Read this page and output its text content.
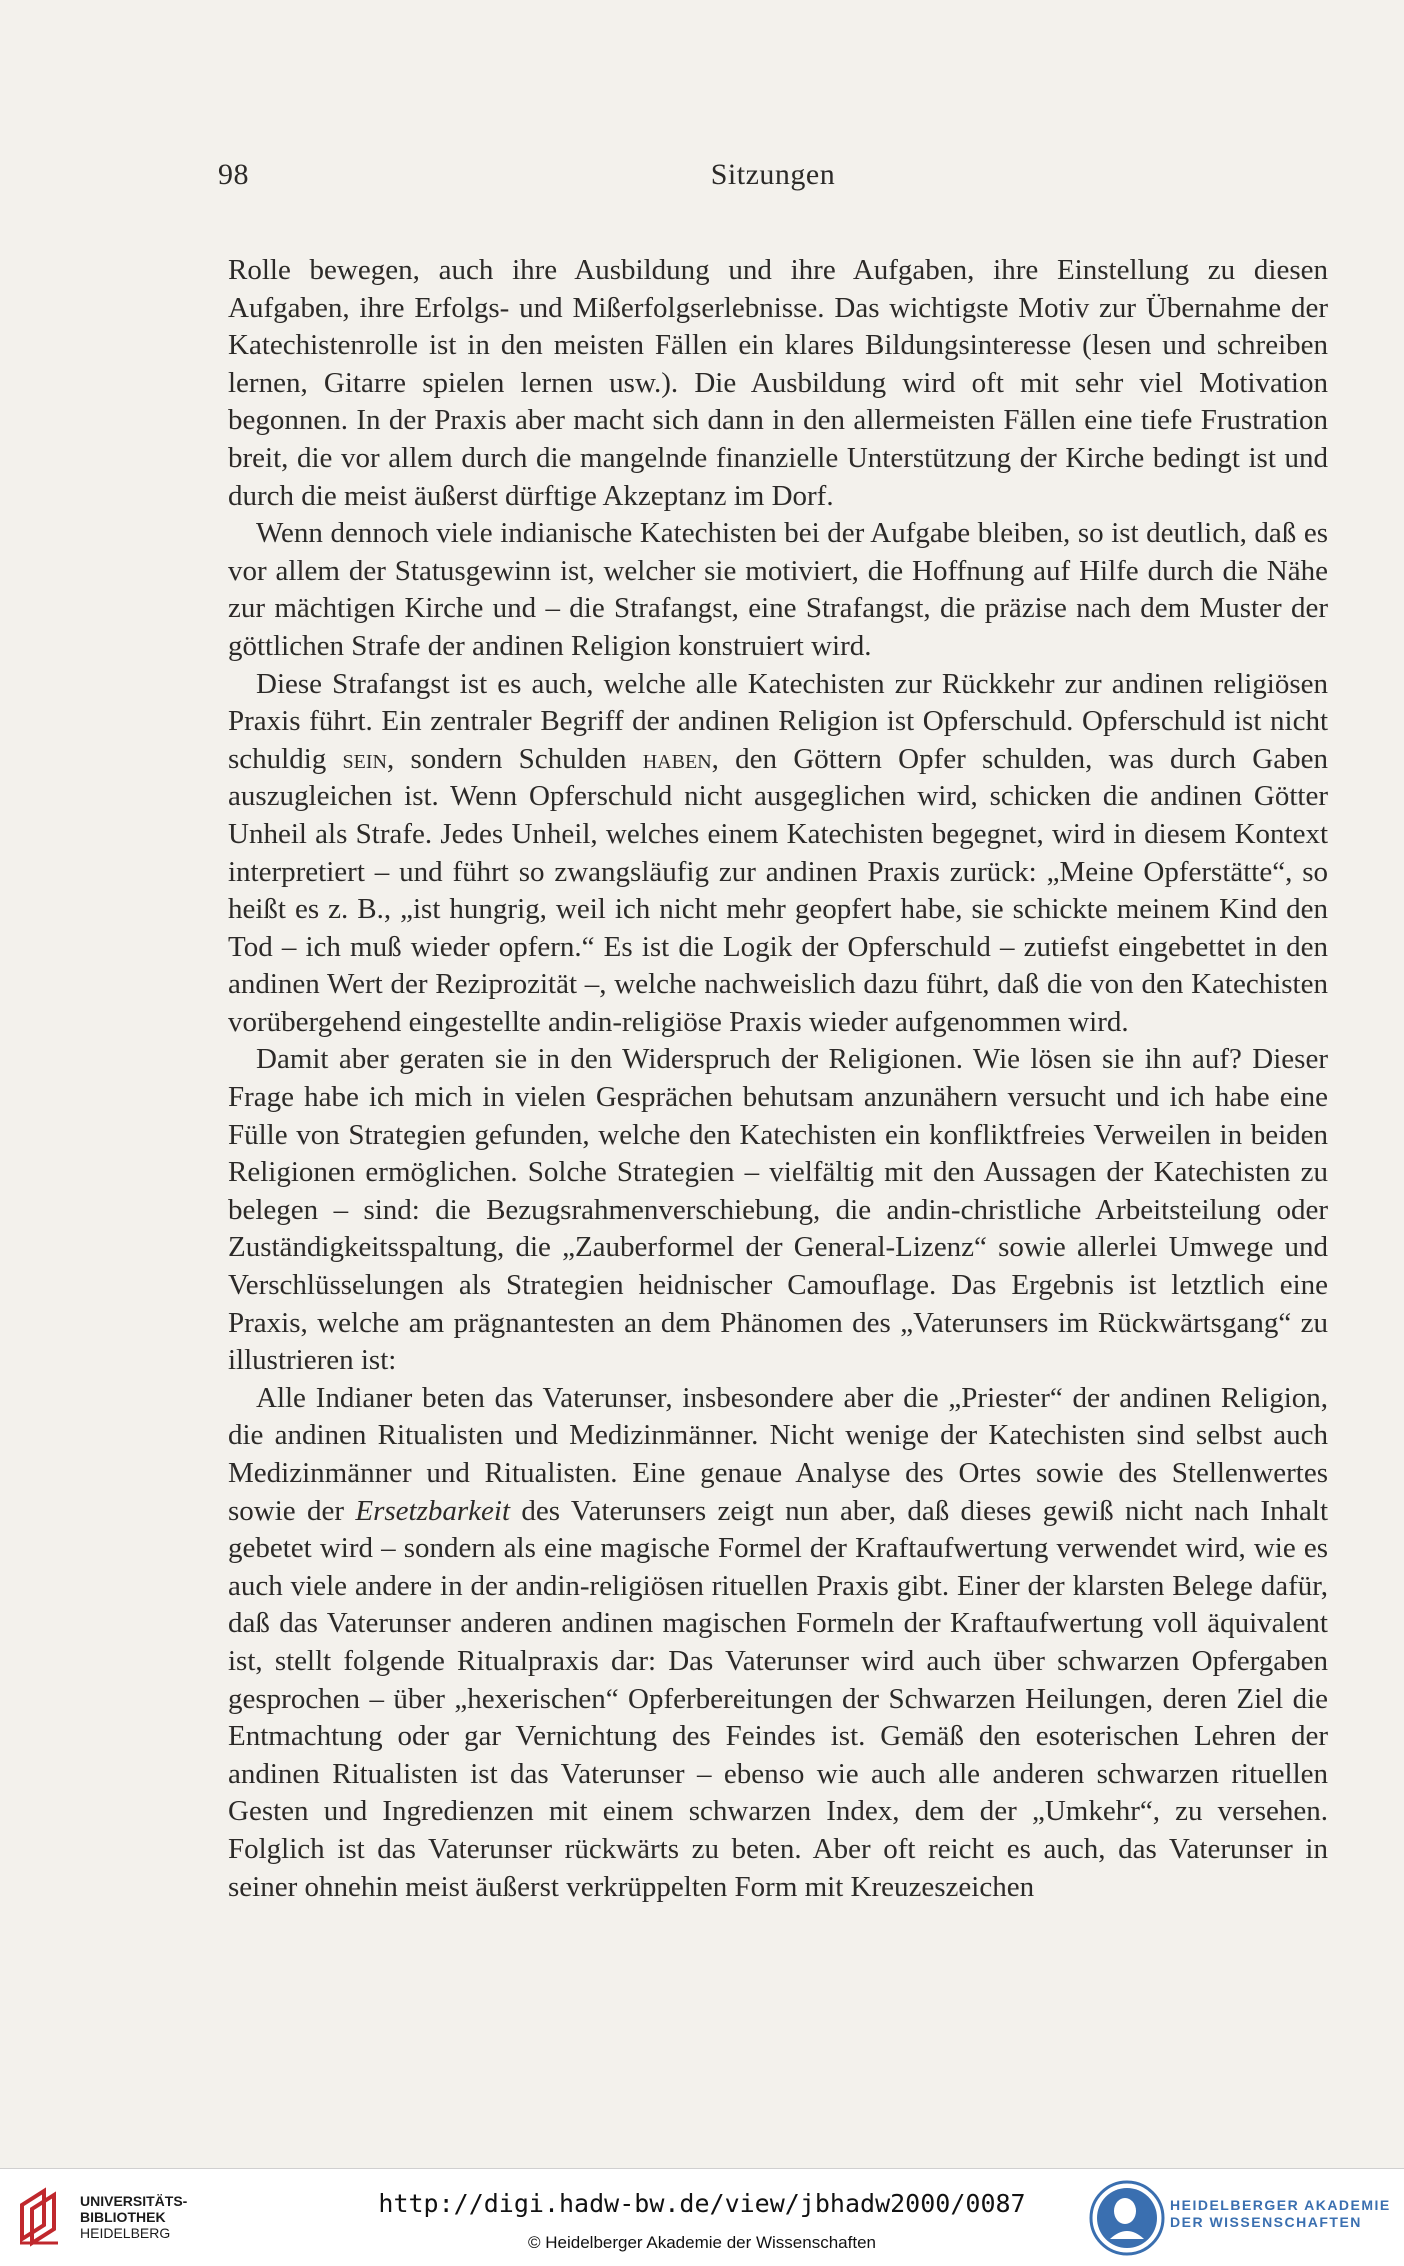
98	Sitzungen

Rolle bewegen, auch ihre Ausbildung und ihre Aufgaben, ihre Einstellung zu diesen Aufgaben, ihre Erfolgs- und Mißerfolgserlebnisse. Das wichtigste Motiv zur Übernahme der Katechistenrolle ist in den meisten Fällen ein klares Bildungsinteresse (lesen und schreiben lernen, Gitarre spielen lernen usw.). Die Ausbildung wird oft mit sehr viel Motivation begonnen. In der Praxis aber macht sich dann in den allermeisten Fällen eine tiefe Frustration breit, die vor allem durch die mangelnde finanzielle Unterstützung der Kirche bedingt ist und durch die meist äußerst dürftige Akzeptanz im Dorf.

Wenn dennoch viele indianische Katechisten bei der Aufgabe bleiben, so ist deutlich, daß es vor allem der Statusgewinn ist, welcher sie motiviert, die Hoffnung auf Hilfe durch die Nähe zur mächtigen Kirche und – die Strafangst, eine Strafangst, die präzise nach dem Muster der göttlichen Strafe der andinen Religion konstruiert wird.

Diese Strafangst ist es auch, welche alle Katechisten zur Rückkehr zur andinen religiösen Praxis führt. Ein zentraler Begriff der andinen Religion ist Opferschuld. Opferschuld ist nicht schuldig sein, sondern Schulden haben, den Göttern Opfer schulden, was durch Gaben auszugleichen ist. Wenn Opferschuld nicht ausgeglichen wird, schicken die andinen Götter Unheil als Strafe. Jedes Unheil, welches einem Katechisten begegnet, wird in diesem Kontext interpretiert – und führt so zwangsläufig zur andinen Praxis zurück: „Meine Opferstätte“, so heißt es z. B., „ist hungrig, weil ich nicht mehr geopfert habe, sie schickte meinem Kind den Tod – ich muß wieder opfern.“ Es ist die Logik der Opferschuld – zutiefst eingebettet in den andinen Wert der Reziprozität –, welche nachweislich dazu führt, daß die von den Katechisten vorübergehend eingestellte andin-religiöse Praxis wieder aufgenommen wird.

Damit aber geraten sie in den Widerspruch der Religionen. Wie lösen sie ihn auf? Dieser Frage habe ich mich in vielen Gesprächen behutsam anzunähern versucht und ich habe eine Fülle von Strategien gefunden, welche den Katechisten ein konfliktfreies Verweilen in beiden Religionen ermöglichen. Solche Strategien – vielfältig mit den Aussagen der Katechisten zu belegen – sind: die Bezugsrahmenverschiebung, die andin-christliche Arbeitsteilung oder Zuständigkeitsspaltung, die „Zauberformel der General-Lizenz“ sowie allerlei Umwege und Verschlüsselungen als Strategien heidnischer Camouflage. Das Ergebnis ist letztlich eine Praxis, welche am prägnantesten an dem Phänomen des „Vaterunsers im Rückwärtsgang“ zu illustrieren ist:

Alle Indianer beten das Vaterunser, insbesondere aber die „Priester“ der andinen Religion, die andinen Ritualisten und Medizinmänner. Nicht wenige der Katechisten sind selbst auch Medizinmänner und Ritualisten. Eine genaue Analyse des Ortes sowie des Stellenwertes sowie der Ersetzbarkeit des Vaterunsers zeigt nun aber, daß dieses gewiß nicht nach Inhalt gebetet wird – sondern als eine magische Formel der Kraftaufwertung verwendet wird, wie es auch viele andere in der andin-religiösen rituellen Praxis gibt. Einer der klarsten Belege dafür, daß das Vaterunser anderen andinen magischen Formeln der Kraftaufwertung voll äquivalent ist, stellt folgende Ritualpraxis dar: Das Vaterunser wird auch über schwarzen Opfergaben gesprochen – über „hexerischen“ Opferbereitungen der Schwarzen Heilungen, deren Ziel die Entmachtung oder gar Vernichtung des Feindes ist. Gemäß den esoterischen Lehren der andinen Ritualisten ist das Vaterunser – ebenso wie auch alle anderen schwarzen rituellen Gesten und Ingredienzen mit einem schwarzen Index, dem der „Umkehr“, zu versehen. Folglich ist das Vaterunser rückwärts zu beten. Aber oft reicht es auch, das Vaterunser in seiner ohnehin meist äußerst verkrüppelten Form mit Kreuzeszeichen

UNIVERSITÄTS-
BIBLIOTHEK
HEIDELBERG
http://digi.hadw-bw.de/view/jbhadw2000/0087
© Heidelberger Akademie der Wissenschaften
HEIDELBERGER AKADEMIE
DER WISSENSCHAFTEN
